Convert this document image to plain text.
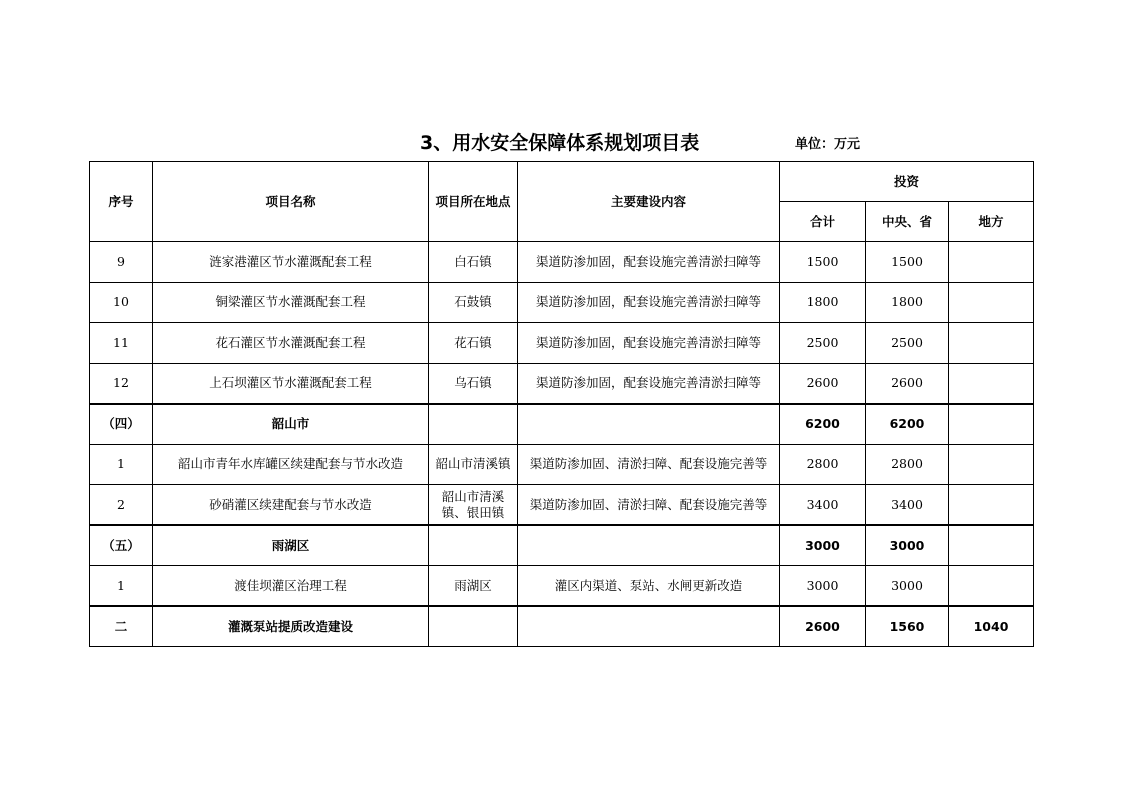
3、用水安全保障体系规划项目表	单位：万元
序号	项目名称	项目所在地点	主要建设内容	投资		
				合计	中央、省	地方
9	涟家港灌区节水灌溉配套工程	白石镇	渠道防渗加固，配套设施完善清淤扫障等	1500	1500	
10	铜梁灌区节水灌溉配套工程	石鼓镇	渠道防渗加固，配套设施完善清淤扫障等	1800	1800	
11	花石灌区节水灌溉配套工程	花石镇	渠道防渗加固，配套设施完善清淤扫障等	2500	2500	
12	上石坝灌区节水灌溉配套工程	乌石镇	渠道防渗加固，配套设施完善清淤扫障等	2600	2600	
（四）	韶山市			6200	6200	
1	韶山市青年水库罐区续建配套与节水改造	韶山市清溪镇	渠道防渗加固、清淤扫障、配套设施完善等	2800	2800	
2	砂硝灌区续建配套与节水改造	韶山市清溪镇、银田镇	渠道防渗加固、清淤扫障、配套设施完善等	3400	3400	
（五）	雨湖区			3000	3000	
1	渡佳坝灌区治理工程	雨湖区	灌区内渠道、泵站、水闸更新改造	3000	3000	
二	灌溉泵站提质改造建设			2600	1560	1040
